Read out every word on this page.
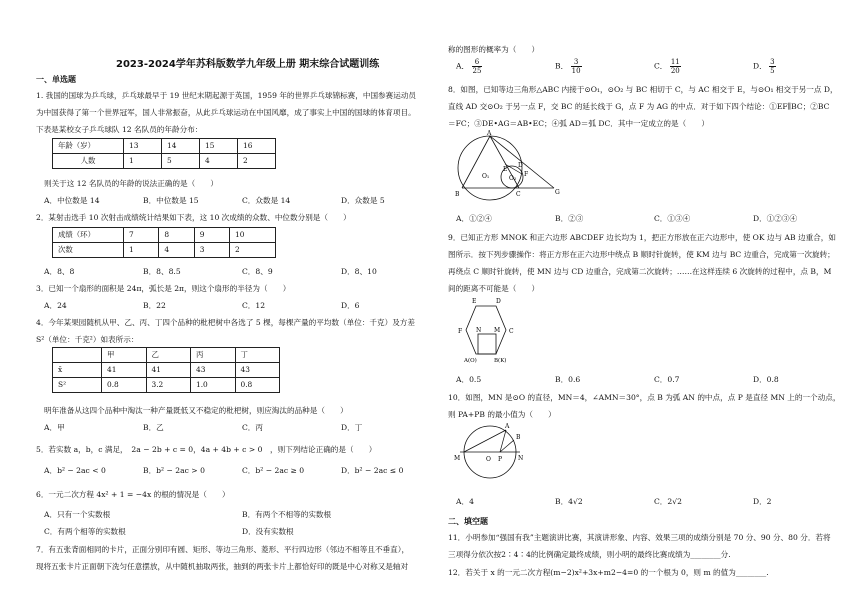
2023-2024学年苏科版数学九年级上册 期末综合试题训练
一、单选题
1. 我国的国球为乒乓球，乒乓球最早于 19 世纪末期起源于英国，1959 年的世界乒乓球锦标赛，中国参赛运动员
为中国获得了第一个世界冠军，国人非常振奋，从此乒乓球运动在中国风靡，成了事实上中国的国球的体育项目。
下表是某校女子乒乓球队 12 名队员的年龄分布：
年龄（岁）	13	14	15	16
人数	1	5	4	2
则关于这 12 名队员的年龄的说法正确的是（　　）
A．中位数是 14	B．中位数是 15	C．众数是 14	D．众数是 5
2．某射击选手 10 次射击成绩统计结果如下表，这 10 次成绩的众数、中位数分别是（　　）
成绩（环）	7	8	9	10
次数	1	4	3	2
A．8、8	B．8、8.5	C．8、9	D．8、10
3．已知一个扇形的面积是 24π，弧长是 2π，则这个扇形的半径为（　　）
A．24	B．22	C．12	D．6
4．今年某果园随机从甲、乙、丙、丁四个品种的枇杷树中各选了 5 棵，每棵产量的平均数（单位：千克）及方差
S²（单位：千克²）如表所示：
	甲	乙	丙	丁
x̄	41	41	43	43
S²	0.8	3.2	1.0	0.8
明年准备从这四个品种中淘汰一种产量既低又不稳定的枇杷树，则应淘汰的品种是（　　）
A．甲	B．乙	C．丙	D．丁
5．若实数 a，b，c 满足，　2a − 2b + c = 0，4a + 4b + c > 0　，则下列结论正确的是（　　）
A．b² − 2ac < 0	B．b² − 2ac > 0	C．b² − 2ac ≥ 0	D．b² − 2ac ≤ 0
6．一元二次方程 4x² + 1 = −4x 的根的情况是（　　）
A．只有一个实数根	B．有两个不相等的实数根
C．有两个相等的实数根	D．没有实数根
7．有五张背面相同的卡片，正面分别印有圆、矩形、等边三角形、菱形、平行四边形（邻边不相等且不垂直），
现将五张卡片正面朝下洗匀任意摆放，从中随机抽取两张，抽到的两张卡片上都恰好印的既是中心对称又是轴对
称的图形的概率为（　　）
A． $\frac{6}{25}$	B． $\frac{3}{10}$	C． $\frac{11}{20}$	D． $\frac{3}{5}$
8．如图，已知等边三角形△ABC 内接于⊙O₁，⊙O₂ 与 BC 相切于 C，与 AC 相交于 E，与⊙O₁ 相交于另一点 D，
直线 AD 交⊙O₂ 于另一点 F，交 BC 的延长线于 G，点 F 为 AG 的中点．对于如下四个结论：①EF∥BC；②BC
＝FC；③DE•AG＝AB•EC；④弧 AD＝弧 DC．其中一定成立的是（　　）
A
B	C
D
E
F
G
O₁	O₂
A．①②④	B．②③	C．①③④	D．①②③④
9．已知正方形 MNOK 和正六边形 ABCDEF 边长均为 1，把正方形放在正六边形中，使 OK 边与 AB 边重合，如
图所示．按下列步骤操作：将正方形在正六边形中绕点 B 顺时针旋转，使 KM 边与 BC 边重合，完成第一次旋转；
再绕点 C 顺时针旋转，使 MN 边与 CD 边重合，完成第二次旋转；……在这样连续 6 次旋转的过程中，点 B，M
间的距离不可能是（　　）
E	D
F	C
N M
A(O)	B(K)
A．0.5	B．0.6	C．0.7	D．0.8
10．如图，MN 是⊙O 的直径，MN＝4，∠AMN＝30°，点 B 为弧 AN 的中点，点 P 是直径 MN 上的一个动点，
则 PA+PB 的最小值为（　　）
A
B
M	O P	N
A．4	B．4√2	C．2√2	D．2
二、填空题
11．小明参加“强国有我”主题演讲比赛，其演讲形象、内容、效果三项的成绩分别是 70 分、90 分、80 分．若将
三项得分依次按2∶4∶4的比例确定最终成绩，则小明的最终比赛成绩为________分.
12．若关于 x 的一元二次方程(m−2)x²+3x+m2−4=0 的一个根为 0，则 m 的值为________.
